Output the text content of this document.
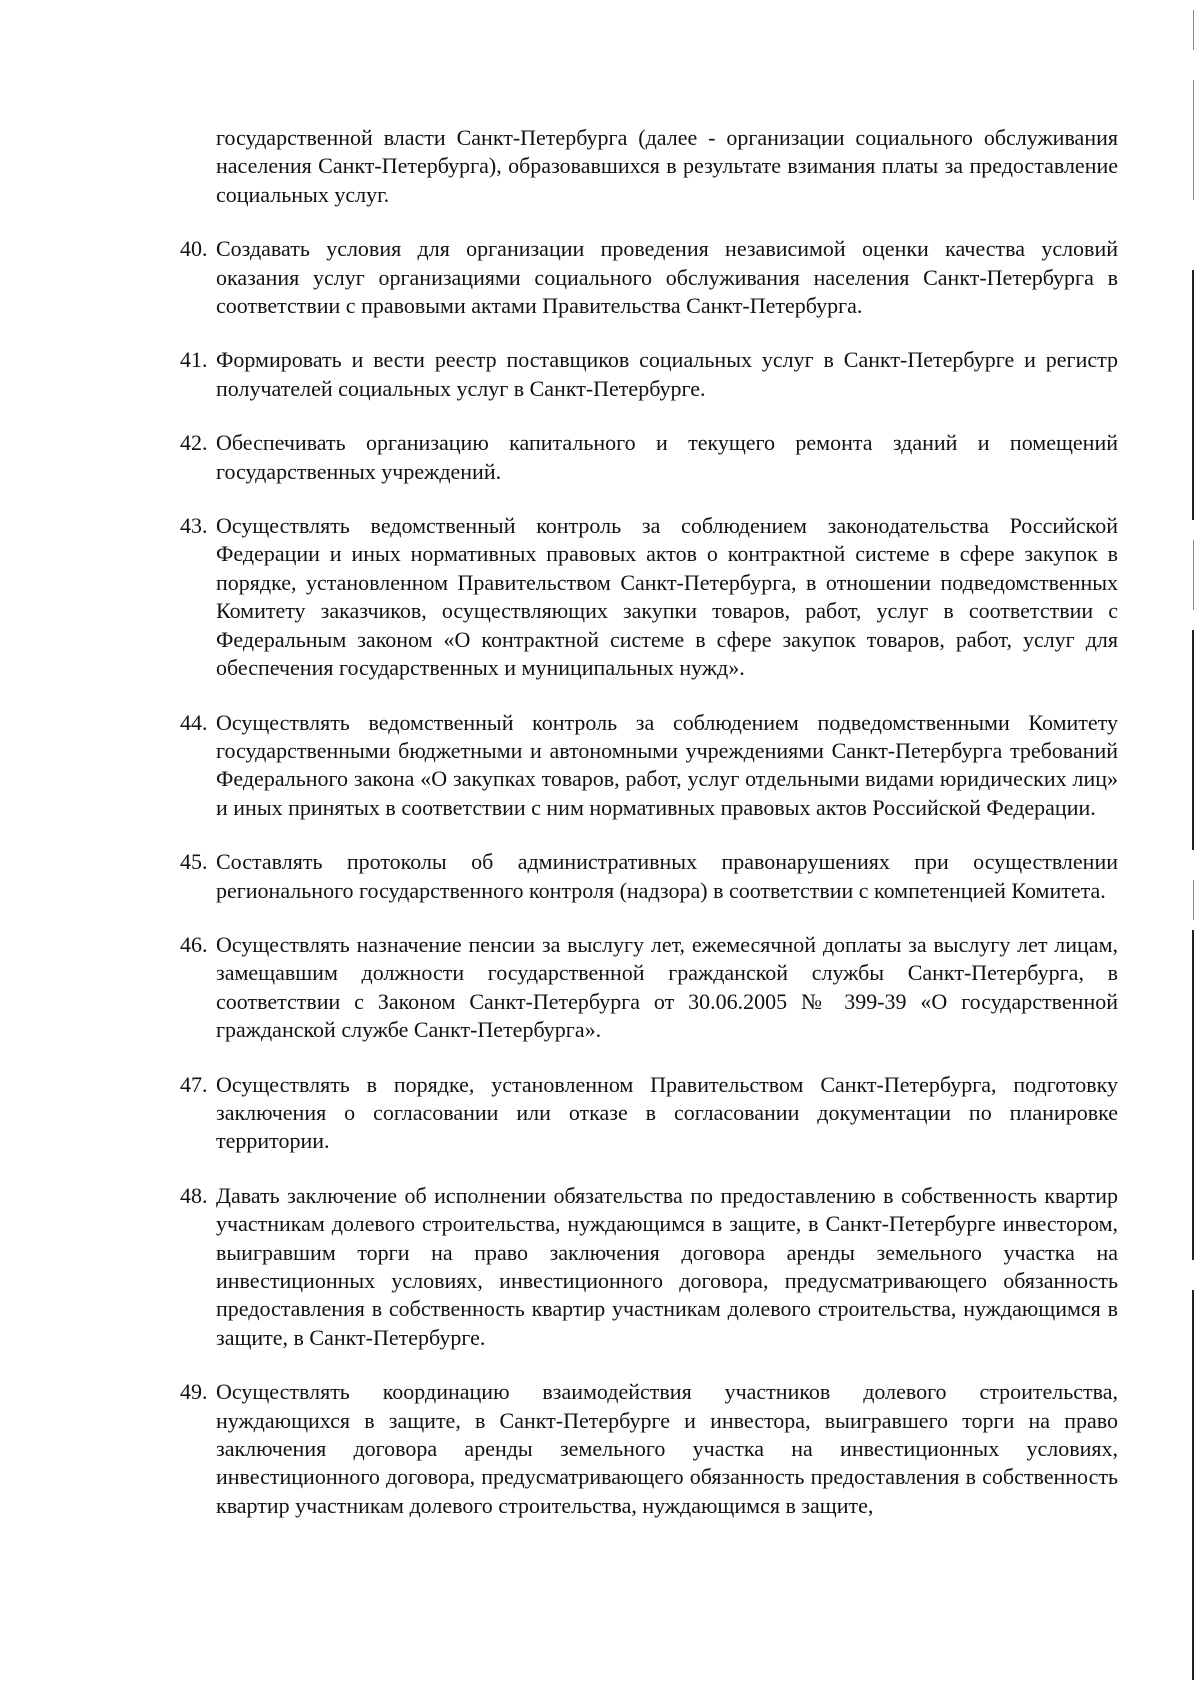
государственной власти Санкт-Петербурга (далее - организации социального обслуживания населения Санкт-Петербурга), образовавшихся в результате взимания платы за предоставление социальных услуг.

40. Создавать условия для организации проведения независимой оценки качества условий оказания услуг организациями социального обслуживания населения Санкт-Петербурга в соответствии с правовыми актами Правительства Санкт-Петербурга.
41. Формировать и вести реестр поставщиков социальных услуг в Санкт-Петербурге и регистр получателей социальных услуг в Санкт-Петербурге.
42. Обеспечивать организацию капитального и текущего ремонта зданий и помещений государственных учреждений.
43. Осуществлять ведомственный контроль за соблюдением законодательства Российской Федерации и иных нормативных правовых актов о контрактной системе в сфере закупок в порядке, установленном Правительством Санкт-Петербурга, в отношении подведомственных Комитету заказчиков, осуществляющих закупки товаров, работ, услуг в соответствии с Федеральным законом «О контрактной системе в сфере закупок товаров, работ, услуг для обеспечения государственных и муниципальных нужд».
44. Осуществлять ведомственный контроль за соблюдением подведомственными Комитету государственными бюджетными и автономными учреждениями Санкт-Петербурга требований Федерального закона «О закупках товаров, работ, услуг отдельными видами юридических лиц» и иных принятых в соответствии с ним нормативных правовых актов Российской Федерации.
45. Составлять протоколы об административных правонарушениях при осуществлении регионального государственного контроля (надзора) в соответствии с компетенцией Комитета.
46. Осуществлять назначение пенсии за выслугу лет, ежемесячной доплаты за выслугу лет лицам, замещавшим должности государственной гражданской службы Санкт-Петербурга, в соответствии с Законом Санкт-Петербурга от 30.06.2005 № 399-39 «О государственной гражданской службе Санкт-Петербурга».
47. Осуществлять в порядке, установленном Правительством Санкт-Петербурга, подготовку заключения о согласовании или отказе в согласовании документации по планировке территории.
48. Давать заключение об исполнении обязательства по предоставлению в собственность квартир участникам долевого строительства, нуждающимся в защите, в Санкт-Петербурге инвестором, выигравшим торги на право заключения договора аренды земельного участка на инвестиционных условиях, инвестиционного договора, предусматривающего обязанность предоставления в собственность квартир участникам долевого строительства, нуждающимся в защите, в Санкт-Петербурге.
49. Осуществлять координацию взаимодействия участников долевого строительства, нуждающихся в защите, в Санкт-Петербурге и инвестора, выигравшего торги на право заключения договора аренды земельного участка на инвестиционных условиях, инвестиционного договора, предусматривающего обязанность предоставления в собственность квартир участникам долевого строительства, нуждающимся в защите,
